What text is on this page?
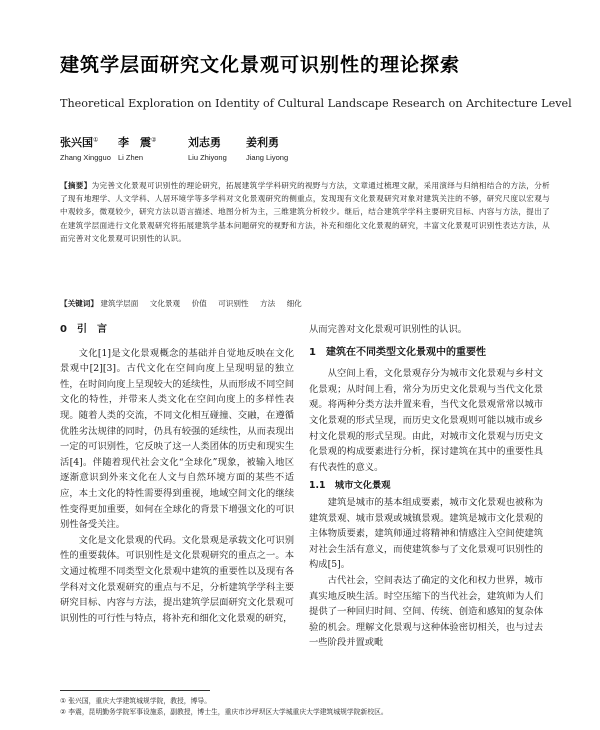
建筑学层面研究文化景观可识别性的理论探索
Theoretical Exploration on Identity of Cultural Landscape Research on Architecture Level
张兴国① 李　震②	刘志勇 姜利勇
Zhang Xingguo Li Zhen	Liu Zhiyong	Jiang Liyong
【摘要】为完善文化景观可识别性的理论研究，拓展建筑学学科研究的视野与方法，文章通过梳理文献，采用演绎与归纳相结合的方法，分析了现有地理学、人文学科、人居环境学等多学科对文化景观研究的侧重点，发现现有文化景观研究对象对建筑关注的不够，研究尺度以宏观与中观较多，微观较少，研究方法以语言描述、地图分析为主，三维建筑分析较少。继后，结合建筑学学科主要研究目标、内容与方法，提出了在建筑学层面进行文化景观研究将拓展建筑学基本问题研究的视野和方法，补充和细化文化景观的研究，丰富文化景观可识别性表达方法，从而完善对文化景观可识别性的认识。
【关键词】 建筑学层面 文化景观 价值 可识别性 方法 细化
0　引　言

文化[1]是文化景观概念的基础并自觉地反映在文化景观中[2][3]。古代文化在空间向度上呈现明显的独立性，在时间向度上呈现较大的延续性，从而形成不同空间文化的特性，并带来人类文化在空间向度上的多样性表现。随着人类的交流，不同文化相互碰撞、交融，在遵循优胜劣汰规律的同时，仍具有较强的延续性，从而表现出一定的可识别性，它反映了这一人类团体的历史和现实生活[4]。伴随着现代社会文化“全球化”现象，被输入地区逐渐意识到外来文化在人文与自然环境方面的某些不适应，本土文化的特性需要得到重视，地域空间文化的继续性变得更加重要，如何在全球化的背景下增强文化的可识别性备受关注。

文化是文化景观的代码。文化景观是承载文化可识别性的重要载体。可识别性是文化景观研究的重点之一。本文通过梳理不同类型文化景观中建筑的重要性以及现有各学科对文化景观研究的重点与不足，分析建筑学学科主要研究目标、内容与方法，提出建筑学层面研究文化景观可识别性的可行性与特点，将补充和细化文化景观的研究，

从而完善对文化景观可识别性的认识。

1　建筑在不同类型文化景观中的重要性

从空间上看，文化景观存分为城市文化景观与乡村文化景观；从时间上看，常分为历史文化景观与当代文化景观。将两种分类方法并置来看，当代文化景观常常以城市文化景观的形式呈现，而历史文化景观则可能以城市或乡村文化景观的形式呈现。由此，对城市文化景观与历史文化景观的构成要素进行分析，探讨建筑在其中的重要性具有代表性的意义。

1.1　城市文化景观

建筑是城市的基本组成要素，城市文化景观也被称为建筑景观、城市景观或城镇景观。建筑是城市文化景观的主体物质要素，建筑师通过将精神和情感注入空间使建筑对社会生活有意义，而使建筑参与了文化景观可识别性的构成[5]。

古代社会，空间表达了确定的文化和权力世界，城市真实地反映生活。时空压缩下的当代社会，建筑师为人们提供了一种回归时间、空间、传统、创造和感知的复杂体验的机会。理解文化景观与这种体验密切相关，也与过去一些阶段并置或毗

① 张兴国，重庆大学建筑城规学院，教授，博导。
② 李震，昆明勤务学院军事设施系，副教授，博士生，重庆市沙坪坝区大学城重庆大学建筑城规学院新校区。
